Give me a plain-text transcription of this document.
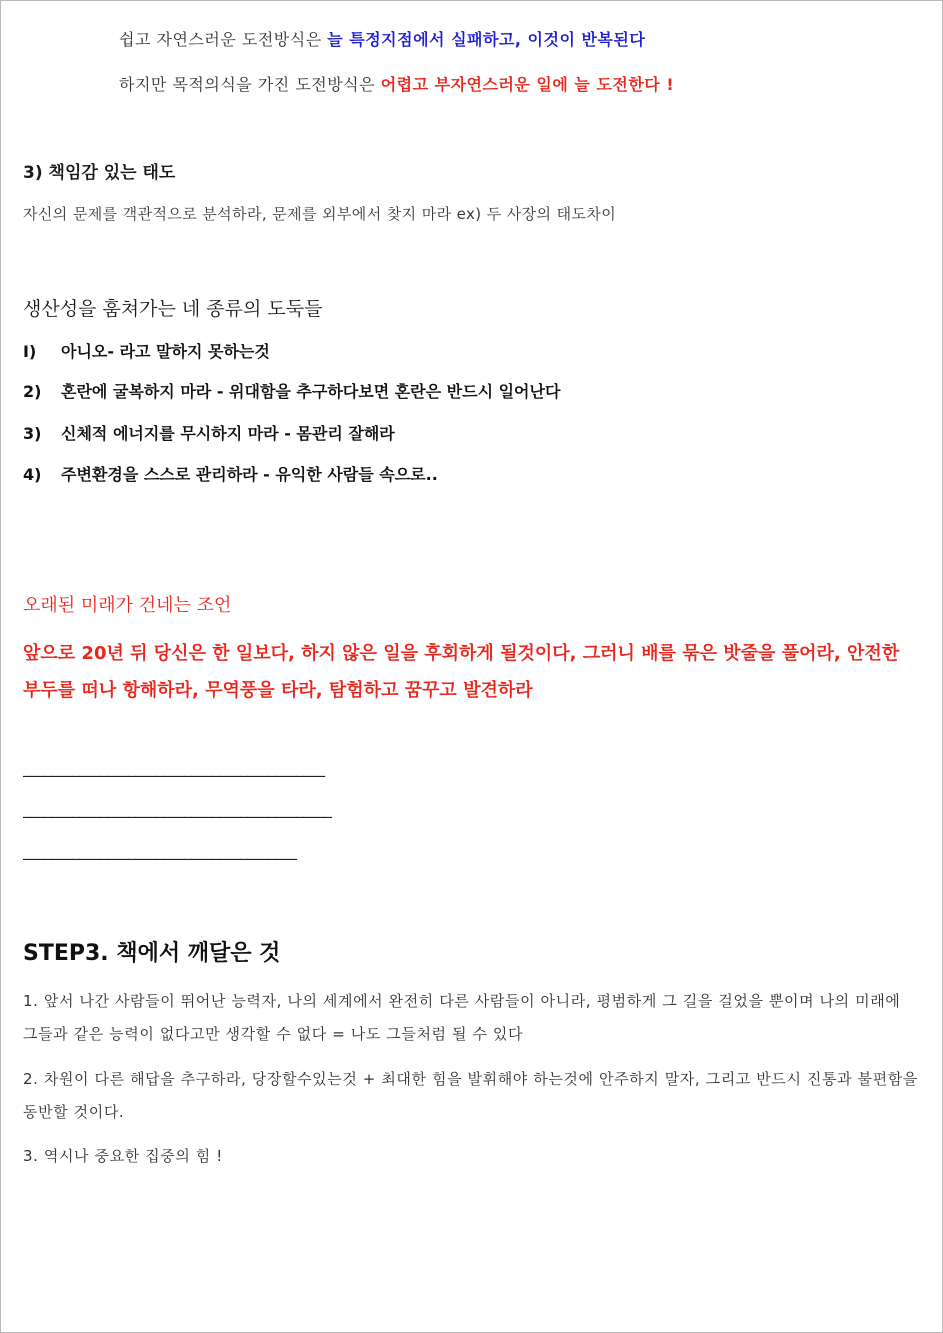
쉽고 자연스러운 도전방식은 늘 특정지점에서 실패하고, 이것이 반복된다
하지만 목적의식을 가진 도전방식은 어렵고 부자연스러운 일에 늘 도전한다 !
3) 책임감 있는 태도
자신의 문제를 객관적으로 분석하라, 문제를 외부에서 찾지 마라 ex) 두 사장의 태도차이
생산성을 훔쳐가는 네 종류의 도둑들
I) 아니오- 라고 말하지 못하는것
2) 혼란에 굴복하지 마라 - 위대함을 추구하다보면 혼란은 반드시 일어난다
3) 신체적 에너지를 무시하지 마라 - 몸관리 잘해라
4) 주변환경을 스스로 관리하라 - 유익한 사람들 속으로..
오래된 미래가 건네는 조언
앞으로 20년 뒤 당신은 한 일보다, 하지 않은 일을 후회하게 될것이다, 그러니 배를 묶은 밧줄을 풀어라, 안전한 부두를 떠나 항해하라, 무역풍을 타라, 탐험하고 꿈꾸고 발견하라
___________________________________________
____________________________________________
_______________________________________
STEP3. 책에서 깨달은 것
1. 앞서 나간 사람들이 뛰어난 능력자, 나의 세계에서 완전히 다른 사람들이 아니라, 평범하게 그 길을 걸었을 뿐이며 나의 미래에 그들과 같은 능력이 없다고만 생각할 수 없다 = 나도 그들처럼 될 수 있다
2. 차원이 다른 해답을 추구하라, 당장할수있는것 + 최대한 힘을 발휘해야 하는것에 안주하지 말자, 그리고 반드시 진통과 불편함을 동반할 것이다.
3. 역시나 중요한 집중의 힘 !
